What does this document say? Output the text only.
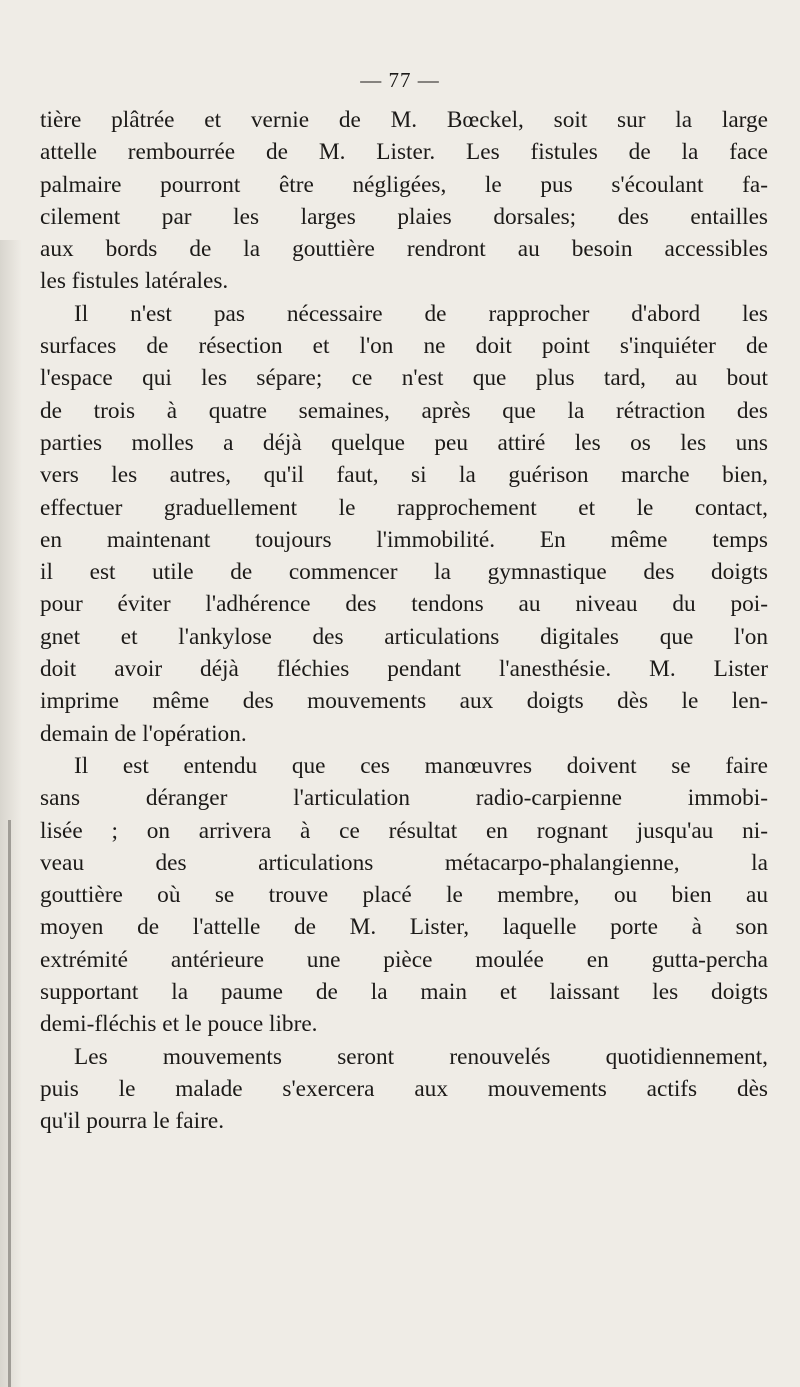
— 77 —
tière plâtrée et vernie de M. Bœckel, soit sur la large
attelle rembourrée de M. Lister. Les fistules de la face
palmaire pourront être négligées, le pus s'écoulant fa-
cilement par les larges plaies dorsales; des entailles
aux bords de la gouttière rendront au besoin accessibles
les fistules latérales.
Il n'est pas nécessaire de rapprocher d'abord les
surfaces de résection et l'on ne doit point s'inquiéter de
l'espace qui les sépare; ce n'est que plus tard, au bout
de trois à quatre semaines, après que la rétraction des
parties molles a déjà quelque peu attiré les os les uns
vers les autres, qu'il faut, si la guérison marche bien,
effectuer graduellement le rapprochement et le contact,
en maintenant toujours l'immobilité. En même temps
il est utile de commencer la gymnastique des doigts
pour éviter l'adhérence des tendons au niveau du poi-
gnet et l'ankylose des articulations digitales que l'on
doit avoir déjà fléchies pendant l'anesthésie. M. Lister
imprime même des mouvements aux doigts dès le len-
demain de l'opération.
Il est entendu que ces manœuvres doivent se faire
sans déranger l'articulation radio-carpienne immobi-
lisée ; on arrivera à ce résultat en rognant jusqu'au ni-
veau des articulations métacarpo-phalangienne, la
gouttière où se trouve placé le membre, ou bien au
moyen de l'attelle de M. Lister, laquelle porte à son
extrémité antérieure une pièce moulée en gutta-percha
supportant la paume de la main et laissant les doigts
demi-fléchis et le pouce libre.
Les mouvements seront renouvelés quotidiennement,
puis le malade s'exercera aux mouvements actifs dès
qu'il pourra le faire.
